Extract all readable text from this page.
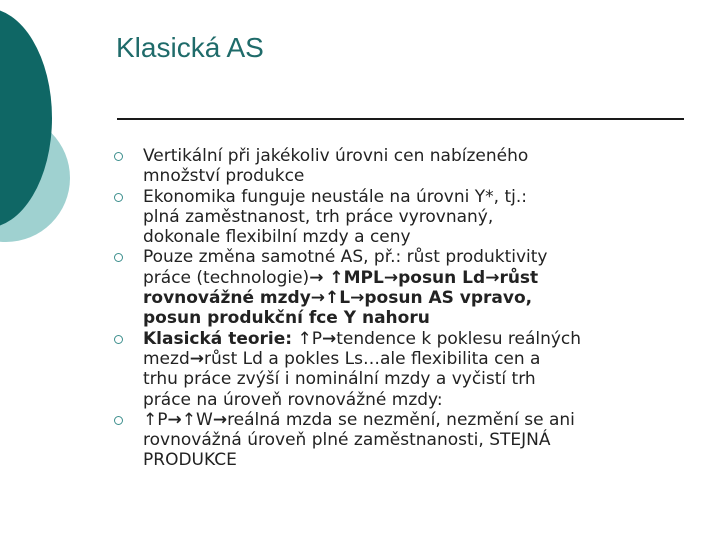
Klasická AS
Vertikální při jakékoliv úrovni cen nabízeného
množství produkce
Ekonomika funguje neustále na úrovni Y*, tj.:
plná zaměstnanost, trh práce vyrovnaný,
dokonale flexibilní mzdy a ceny
Pouze změna samotné AS, př.: růst produktivity
práce (technologie)→ ↑MPL→posun Ld→růst
rovnovážné mzdy→↑L→posun AS vpravo,
posun produkční fce Y nahoru
Klasická teorie: ↑P→tendence k poklesu reálných
mezd→růst Ld a pokles Ls…ale flexibilita cen a
trhu práce zvýší i nominální mzdy a vyčistí trh
práce na úroveň rovnovážné mzdy:
↑P→↑W→reálná mzda se nezmění, nezmění se ani
rovnovážná úroveň plné zaměstnanosti, STEJNÁ
PRODUKCE
